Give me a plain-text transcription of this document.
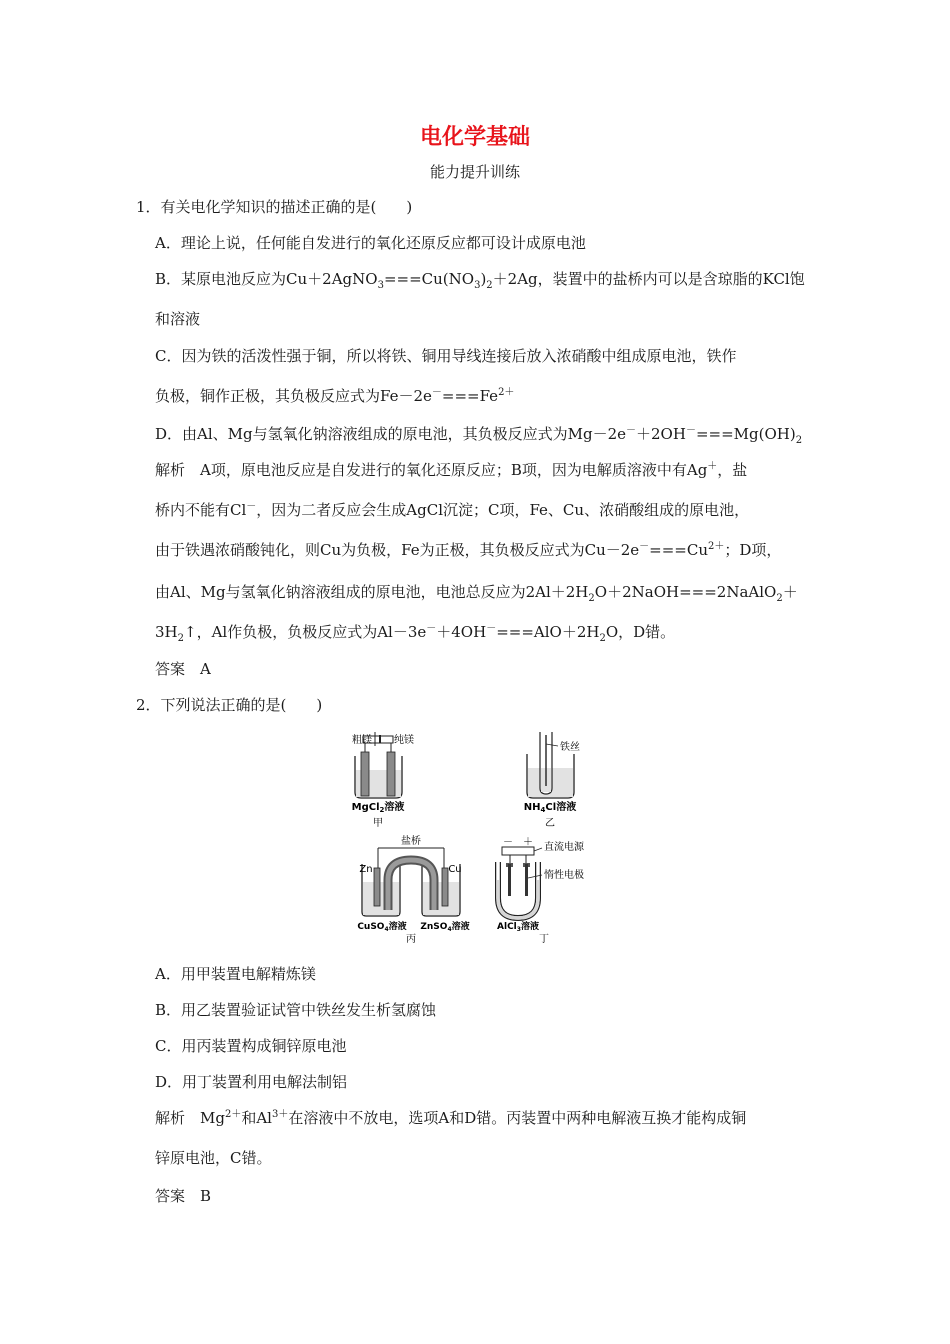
电化学基础
能力提升训练
1．有关电化学知识的描述正确的是(　　)
A．理论上说，任何能自发进行的氧化还原反应都可设计成原电池
B．某原电池反应为$Cu+2AgNO_3===Cu(NO_3)_2+2Ag$，装置中的盐桥内可以是含琼脂的KCl饱
和溶液
C．因为铁的活泼性强于铜，所以将铁、铜用导线连接后放入浓硝酸中组成原电池，铁作
负极，铜作正极，其负极反应式为$Fe-2e^-===Fe^{2+}$
D．由Al、Mg与氢氧化钠溶液组成的原电池，其负极反应式为$Mg-2e^-+2OH^-===Mg(OH)_2$
解析　A项，原电池反应是自发进行的氧化还原反应；B项，因为电解质溶液中有Ag＋，盐
桥内不能有Cl－，因为二者反应会生成AgCl沉淀；C项，Fe、Cu、浓硝酸组成的原电池，
由于铁遇浓硝酸钝化，则Cu为负极，Fe为正极，其负极反应式为$Cu-2e^-===Cu^{2+}$；D项，
由Al、Mg与氢氧化钠溶液组成的原电池，电池总反应为$2Al+2H_2O+2NaOH===2NaAlO_2+$
$3H_2↑$，Al作负极，负极反应式为$Al-3e^-+4OH^-===AlO+2H_2O$，D错。
答案　A
2．下列说法正确的是(　　)
粗镁 纯镁
MgCl$_2$溶液
甲
铁丝
$NH_4Cl$溶液
乙
盐桥
Zn	Cu
CuSO$_4$溶液 ZnSO$_4$溶液
丙
－ ＋ 直流电源
惰性电极
AlCl$_3$溶液
丁
A．用甲装置电解精炼镁
B．用乙装置验证试管中铁丝发生析氢腐蚀
C．用丙装置构成铜锌原电池
D．用丁装置利用电解法制铝
解析　$Mg^{2+}$和$Al^{3+}$在溶液中不放电，选项A和D错。丙装置中两种电解液互换才能构成铜
锌原电池，C错。
答案　B
